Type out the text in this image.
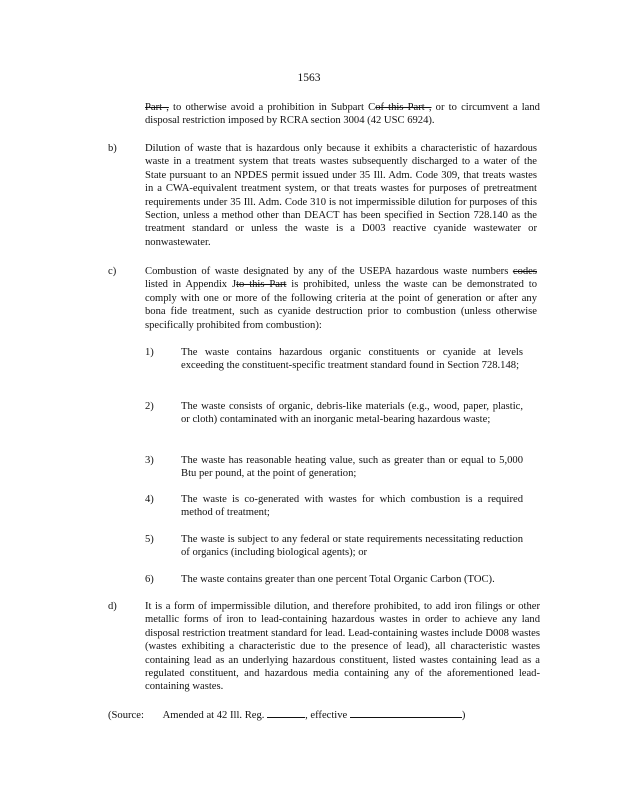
1563
Part , to otherwise avoid a prohibition in Subpart Cof this Part , or to circumvent a land disposal restriction imposed by RCRA section 3004 (42 USC 6924).
b)	Dilution of waste that is hazardous only because it exhibits a characteristic of hazardous waste in a treatment system that treats wastes subsequently discharged to a water of the State pursuant to an NPDES permit issued under 35 Ill. Adm. Code 309, that treats wastes in a CWA-equivalent treatment system, or that treats wastes for purposes of pretreatment requirements under 35 Ill. Adm. Code 310 is not impermissible dilution for purposes of this Section, unless a method other than DEACT has been specified in Section 728.140 as the treatment standard or unless the waste is a D003 reactive cyanide wastewater or nonwastewater.
c)	Combustion of waste designated by any of the USEPA hazardous waste numbers codes listed in Appendix Jto this Part is prohibited, unless the waste can be demonstrated to comply with one or more of the following criteria at the point of generation or after any bona fide treatment, such as cyanide destruction prior to combustion (unless otherwise specifically prohibited from combustion):
1)	The waste contains hazardous organic constituents or cyanide at levels exceeding the constituent-specific treatment standard found in Section 728.148;
2)	The waste consists of organic, debris-like materials (e.g., wood, paper, plastic, or cloth) contaminated with an inorganic metal-bearing hazardous waste;
3)	The waste has reasonable heating value, such as greater than or equal to 5,000 Btu per pound, at the point of generation;
4)	The waste is co-generated with wastes for which combustion is a required method of treatment;
5)	The waste is subject to any federal or state requirements necessitating reduction of organics (including biological agents); or
6)	The waste contains greater than one percent Total Organic Carbon (TOC).
d)	It is a form of impermissible dilution, and therefore prohibited, to add iron filings or other metallic forms of iron to lead-containing hazardous wastes in order to achieve any land disposal restriction treatment standard for lead. Lead-containing wastes include D008 wastes (wastes exhibiting a characteristic due to the presence of lead), all characteristic wastes containing lead as an underlying hazardous constituent, listed wastes containing lead as a regulated constituent, and hazardous media containing any of the aforementioned lead-containing wastes.
(Source: Amended at 42 Ill. Reg.	, effective	)
